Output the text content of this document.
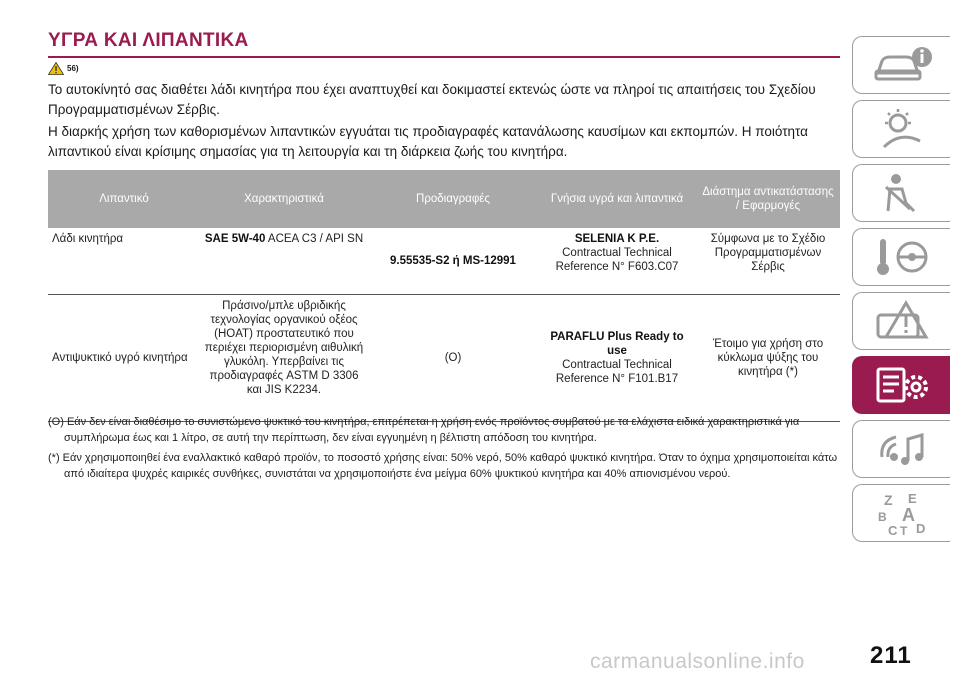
ΥΓΡΑ ΚΑΙ ΛΙΠΑΝΤΙΚΑ
56)
Το αυτοκίνητό σας διαθέτει λάδι κινητήρα που έχει αναπτυχθεί και δοκιμαστεί εκτενώς ώστε να πληροί τις απαιτήσεις του Σχεδίου Προγραμματισμένων Σέρβις.
Η διαρκής χρήση των καθορισμένων λιπαντικών εγγυάται τις προδιαγραφές κατανάλωσης καυσίμων και εκπομπών. Η ποιότητα λιπαντικού είναι κρίσιμης σημασίας για τη λειτουργία και τη διάρκεια ζωής του κινητήρα.
Λιπαντικό	Χαρακτηριστικά	Προδιαγραφές	Γνήσια υγρά και λιπαντικά	Διάστημα αντικατάστασης / Εφαρμογές
Λάδι κινητήρα	SAE 5W-40 ACEA C3 / API SN	9.55535-S2 ή MS-12991	SELENIA K P.E.
Contractual Technical Reference N° F603.C07	Σύμφωνα με το Σχέδιο Προγραμματισμένων Σέρβις
Αντιψυκτικό υγρό κινητήρα	Πράσινο/μπλε υβριδικής τεχνολογίας οργανικού οξέος (HOAT) προστατευτικό που περιέχει περιορισμένη αιθυλική γλυκόλη. Υπερβαίνει τις προδιαγραφές ASTM D 3306 και JIS K2234.	(O)	PARAFLU Plus Ready to use
Contractual Technical Reference N° F101.B17	Έτοιμο για χρήση στο κύκλωμα ψύξης του κινητήρα (*)
(O) Εάν δεν είναι διαθέσιμο το συνιστώμενο ψυκτικό του κινητήρα, επιτρέπεται η χρήση ενός προϊόντος συμβατού με τα ελάχιστα ειδικά χαρακτηριστικά για συμπλήρωμα έως και 1 λίτρο, σε αυτή την περίπτωση, δεν είναι εγγυημένη η βέλτιστη απόδοση του κινητήρα.
(*) Εάν χρησιμοποιηθεί ένα εναλλακτικό καθαρό προϊόν, το ποσοστό χρήσης είναι: 50% νερό, 50% καθαρό ψυκτικό κινητήρα. Όταν το όχημα χρησιμοποιείται κάτω από ιδιαίτερα ψυχρές καιρικές συνθήκες, συνιστάται να χρησιμοποιήστε ένα μείγμα 60% ψυκτικού κινητήρα και 40% απιονισμένου νερού.
Z E
B A
C T D
carmanualsonline.info	211
